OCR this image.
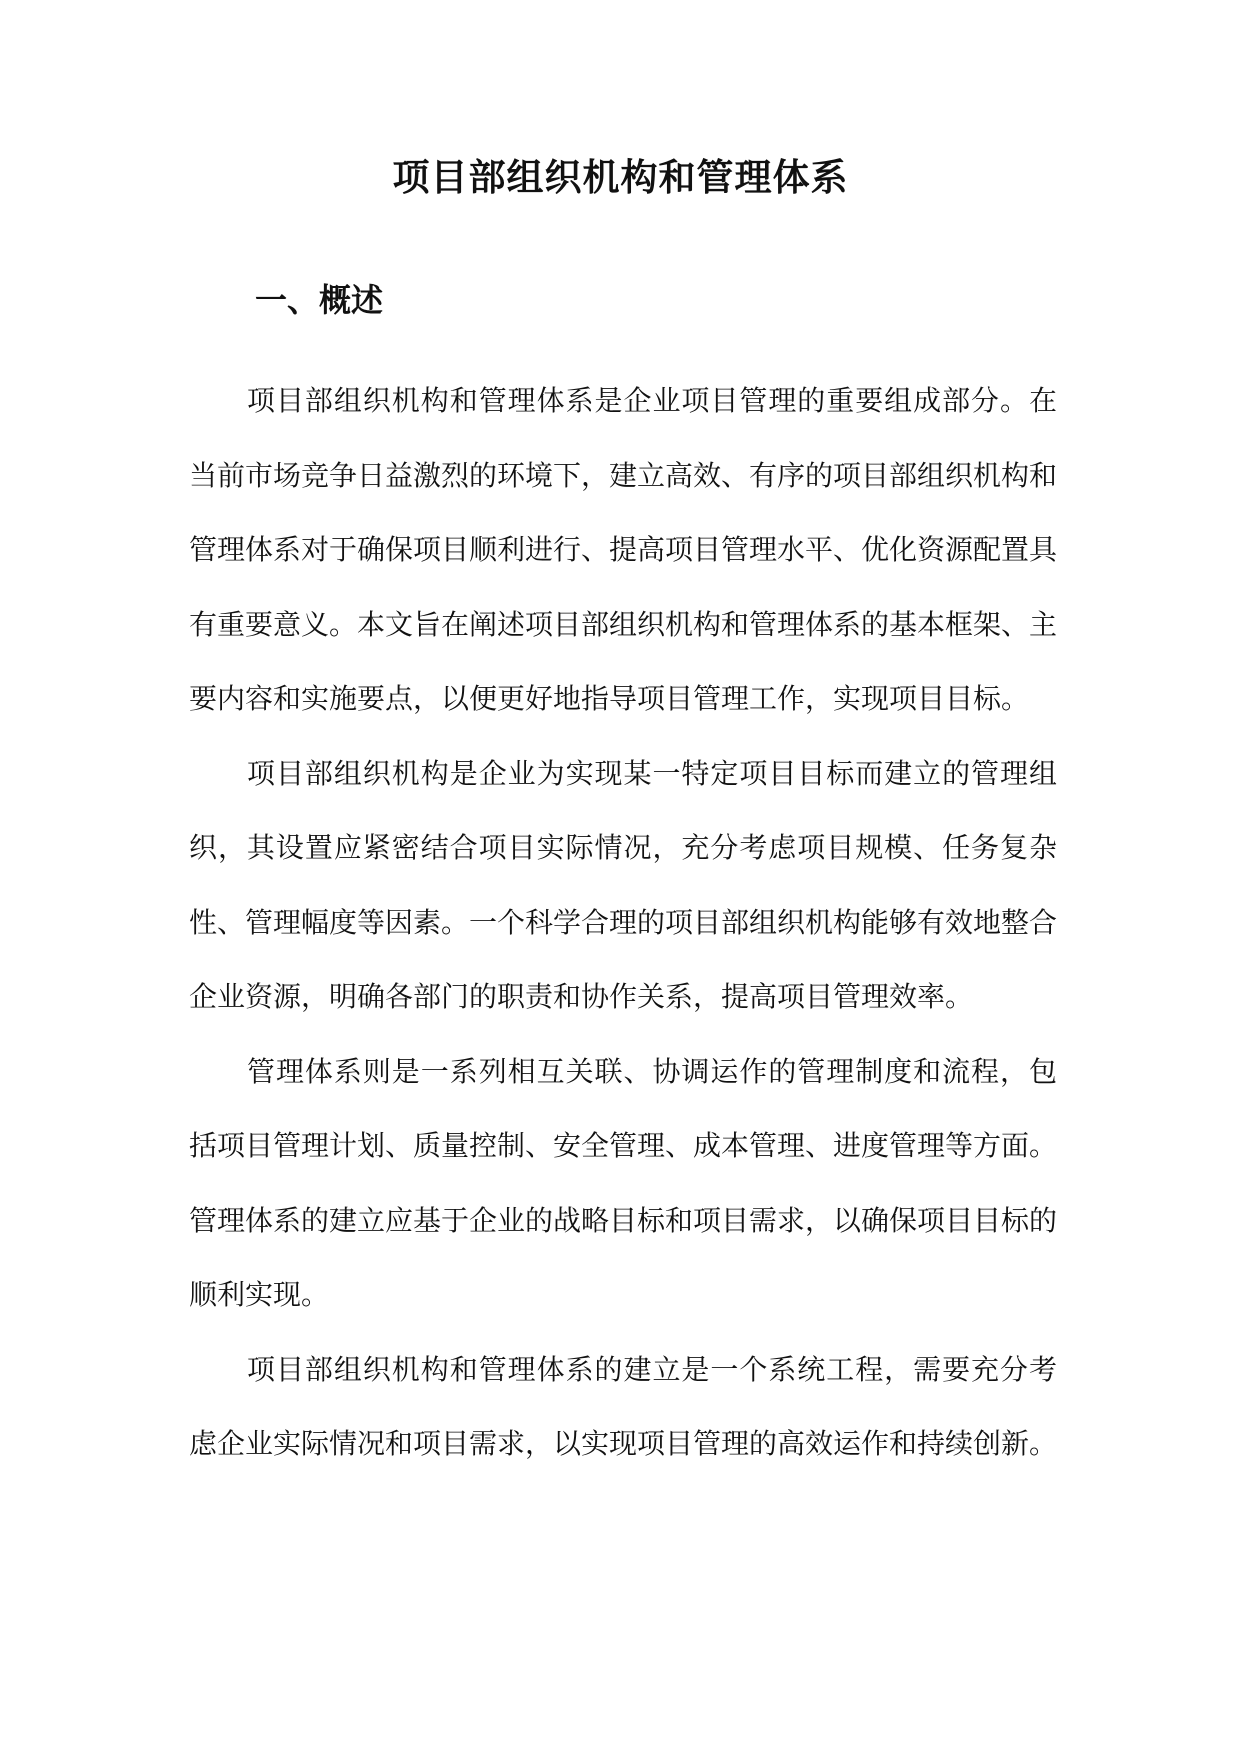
项目部组织机构和管理体系
一、概述

项目部组织机构和管理体系是企业项目管理的重要组成部分。在当前市场竞争日益激烈的环境下，建立高效、有序的项目部组织机构和管理体系对于确保项目顺利进行、提高项目管理水平、优化资源配置具有重要意义。本文旨在阐述项目部组织机构和管理体系的基本框架、主要内容和实施要点，以便更好地指导项目管理工作，实现项目目标。

项目部组织机构是企业为实现某一特定项目目标而建立的管理组织，其设置应紧密结合项目实际情况，充分考虑项目规模、任务复杂性、管理幅度等因素。一个科学合理的项目部组织机构能够有效地整合企业资源，明确各部门的职责和协作关系，提高项目管理效率。

管理体系则是一系列相互关联、协调运作的管理制度和流程，包括项目管理计划、质量控制、安全管理、成本管理、进度管理等方面。管理体系的建立应基于企业的战略目标和项目需求，以确保项目目标的顺利实现。

项目部组织机构和管理体系的建立是一个系统工程，需要充分考虑企业实际情况和项目需求，以实现项目管理的高效运作和持续创新。
